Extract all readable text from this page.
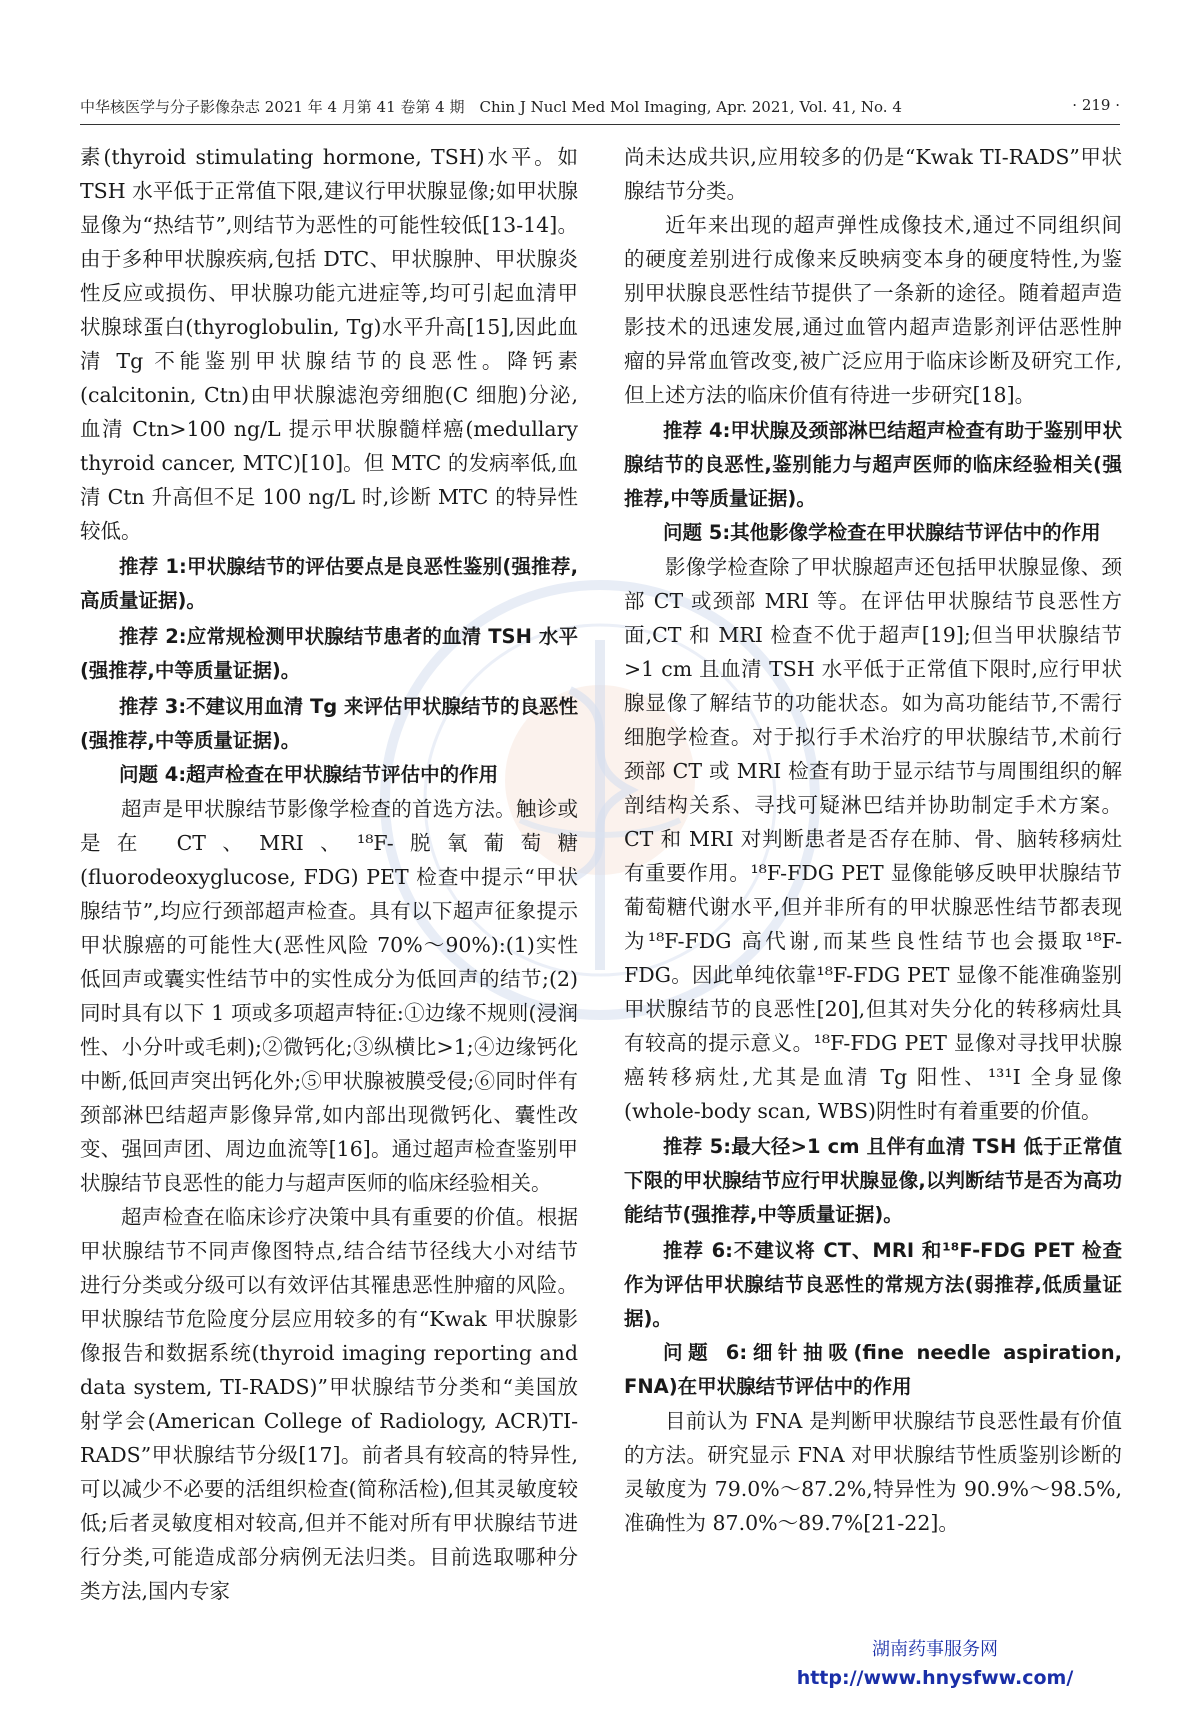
中华核医学与分子影像杂志 2021 年 4 月第 41 卷第 4 期　Chin J Nucl Med Mol Imaging, Apr. 2021, Vol. 41, No. 4	· 219 ·

素(thyroid stimulating hormone, TSH)水平。如 TSH 水平低于正常值下限,建议行甲状腺显像;如甲状腺显像为“热结节”,则结节为恶性的可能性较低[13-14]。由于多种甲状腺疾病,包括 DTC、甲状腺肿、甲状腺炎性反应或损伤、甲状腺功能亢进症等,均可引起血清甲状腺球蛋白(thyroglobulin, Tg)水平升高[15],因此血清 Tg 不能鉴别甲状腺结节的良恶性。降钙素(calcitonin, Ctn)由甲状腺滤泡旁细胞(C 细胞)分泌,血清 Ctn>100 ng/L 提示甲状腺髓样癌(medullary thyroid cancer, MTC)[10]。但 MTC 的发病率低,血清 Ctn 升高但不足 100 ng/L 时,诊断 MTC 的特异性较低。

推荐 1:甲状腺结节的评估要点是良恶性鉴别(强推荐,高质量证据)。

推荐 2:应常规检测甲状腺结节患者的血清 TSH 水平(强推荐,中等质量证据)。

推荐 3:不建议用血清 Tg 来评估甲状腺结节的良恶性(强推荐,中等质量证据)。

问题 4:超声检查在甲状腺结节评估中的作用

超声是甲状腺结节影像学检查的首选方法。触诊或是在 CT、MRI、¹⁸F-脱氧葡萄糖(fluorodeoxyglucose, FDG) PET 检查中提示“甲状腺结节”,均应行颈部超声检查。具有以下超声征象提示甲状腺癌的可能性大(恶性风险 70%～90%):(1)实性低回声或囊实性结节中的实性成分为低回声的结节;(2)同时具有以下 1 项或多项超声特征:①边缘不规则(浸润性、小分叶或毛刺);②微钙化;③纵横比>1;④边缘钙化中断,低回声突出钙化外;⑤甲状腺被膜受侵;⑥同时伴有颈部淋巴结超声影像异常,如内部出现微钙化、囊性改变、强回声团、周边血流等[16]。通过超声检查鉴别甲状腺结节良恶性的能力与超声医师的临床经验相关。

超声检查在临床诊疗决策中具有重要的价值。根据甲状腺结节不同声像图特点,结合结节径线大小对结节进行分类或分级可以有效评估其罹患恶性肿瘤的风险。甲状腺结节危险度分层应用较多的有“Kwak 甲状腺影像报告和数据系统(thyroid imaging reporting and data system, TI-RADS)”甲状腺结节分类和“美国放射学会(American College of Radiology, ACR)TI-RADS”甲状腺结节分级[17]。前者具有较高的特异性,可以减少不必要的活组织检查(简称活检),但其灵敏度较低;后者灵敏度相对较高,但并不能对所有甲状腺结节进行分类,可能造成部分病例无法归类。目前选取哪种分类方法,国内专家

尚未达成共识,应用较多的仍是“Kwak TI-RADS”甲状腺结节分类。

近年来出现的超声弹性成像技术,通过不同组织间的硬度差别进行成像来反映病变本身的硬度特性,为鉴别甲状腺良恶性结节提供了一条新的途径。随着超声造影技术的迅速发展,通过血管内超声造影剂评估恶性肿瘤的异常血管改变,被广泛应用于临床诊断及研究工作,但上述方法的临床价值有待进一步研究[18]。

推荐 4:甲状腺及颈部淋巴结超声检查有助于鉴别甲状腺结节的良恶性,鉴别能力与超声医师的临床经验相关(强推荐,中等质量证据)。

问题 5:其他影像学检查在甲状腺结节评估中的作用

影像学检查除了甲状腺超声还包括甲状腺显像、颈部 CT 或颈部 MRI 等。在评估甲状腺结节良恶性方面,CT 和 MRI 检查不优于超声[19];但当甲状腺结节>1 cm 且血清 TSH 水平低于正常值下限时,应行甲状腺显像了解结节的功能状态。如为高功能结节,不需行细胞学检查。对于拟行手术治疗的甲状腺结节,术前行颈部 CT 或 MRI 检查有助于显示结节与周围组织的解剖结构关系、寻找可疑淋巴结并协助制定手术方案。CT 和 MRI 对判断患者是否存在肺、骨、脑转移病灶有重要作用。¹⁸F-FDG PET 显像能够反映甲状腺结节葡萄糖代谢水平,但并非所有的甲状腺恶性结节都表现为¹⁸F-FDG 高代谢,而某些良性结节也会摄取¹⁸F-FDG。因此单纯依靠¹⁸F-FDG PET 显像不能准确鉴别甲状腺结节的良恶性[20],但其对失分化的转移病灶具有较高的提示意义。¹⁸F-FDG PET 显像对寻找甲状腺癌转移病灶,尤其是血清 Tg 阳性、¹³¹I 全身显像(whole-body scan, WBS)阴性时有着重要的价值。

推荐 5:最大径>1 cm 且伴有血清 TSH 低于正常值下限的甲状腺结节应行甲状腺显像,以判断结节是否为高功能结节(强推荐,中等质量证据)。

推荐 6:不建议将 CT、MRI 和¹⁸F-FDG PET 检查作为评估甲状腺结节良恶性的常规方法(弱推荐,低质量证据)。

问题 6:细针抽吸(fine needle aspiration, FNA)在甲状腺结节评估中的作用

目前认为 FNA 是判断甲状腺结节良恶性最有价值的方法。研究显示 FNA 对甲状腺结节性质鉴别诊断的灵敏度为 79.0%～87.2%,特异性为 90.9%～98.5%,准确性为 87.0%～89.7%[21-22]。

湖南药事服务网
http://www.hnysfww.com/
